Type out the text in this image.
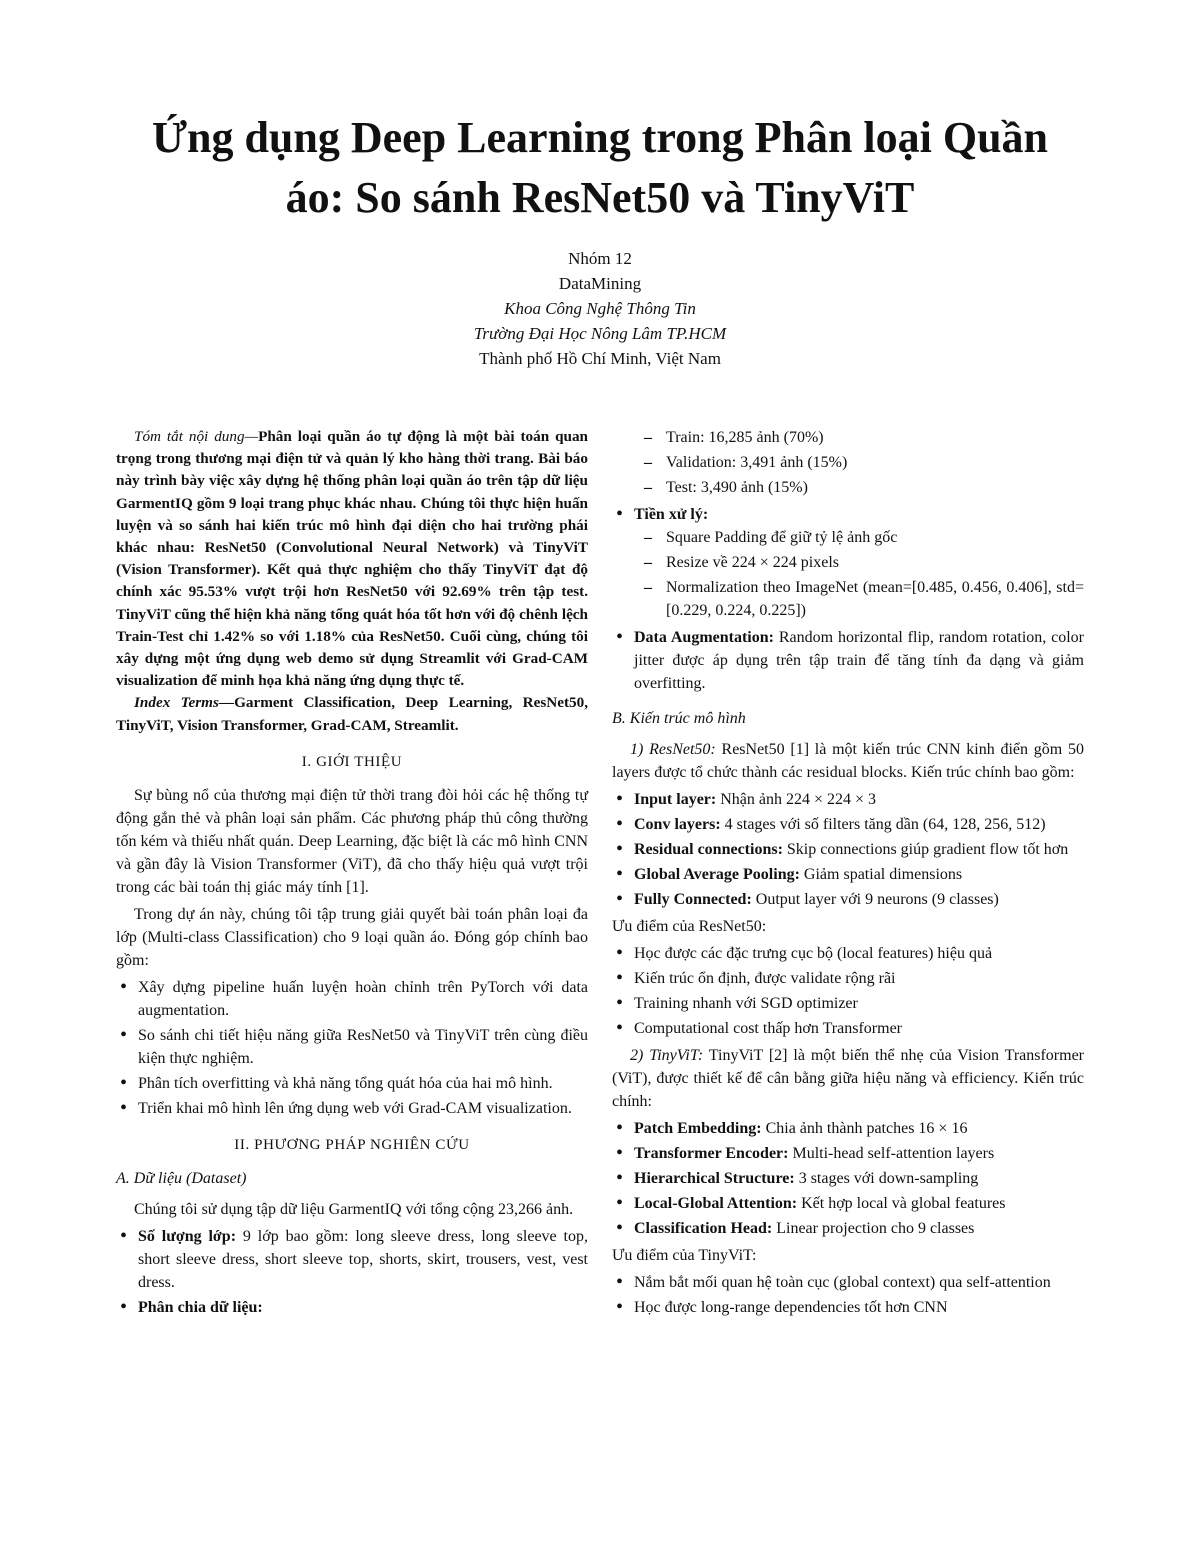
Ứng dụng Deep Learning trong Phân loại Quần
áo: So sánh ResNet50 và TinyViT
Nhóm 12
DataMining
Khoa Công Nghệ Thông Tin
Trường Đại Học Nông Lâm TP.HCM
Thành phố Hồ Chí Minh, Việt Nam

Tóm tắt nội dung—Phân loại quần áo tự động là một bài toán quan trọng trong thương mại điện tử và quản lý kho hàng thời trang. Bài báo này trình bày việc xây dựng hệ thống phân loại quần áo trên tập dữ liệu GarmentIQ gồm 9 loại trang phục khác nhau. Chúng tôi thực hiện huấn luyện và so sánh hai kiến trúc mô hình đại diện cho hai trường phái khác nhau: ResNet50 (Convolutional Neural Network) và TinyViT (Vision Transformer). Kết quả thực nghiệm cho thấy TinyViT đạt độ chính xác 95.53% vượt trội hơn ResNet50 với 92.69% trên tập test. TinyViT cũng thể hiện khả năng tổng quát hóa tốt hơn với độ chênh lệch Train-Test chỉ 1.42% so với 1.18% của ResNet50. Cuối cùng, chúng tôi xây dựng một ứng dụng web demo sử dụng Streamlit với Grad-CAM visualization để minh họa khả năng ứng dụng thực tế.

Index Terms—Garment Classification, Deep Learning, ResNet50, TinyViT, Vision Transformer, Grad-CAM, Streamlit.

I. GIỚI THIỆU

Sự bùng nổ của thương mại điện tử thời trang đòi hỏi các hệ thống tự động gắn thẻ và phân loại sản phẩm. Các phương pháp thủ công thường tốn kém và thiếu nhất quán. Deep Learning, đặc biệt là các mô hình CNN và gần đây là Vision Transformer (ViT), đã cho thấy hiệu quả vượt trội trong các bài toán thị giác máy tính [1].

Trong dự án này, chúng tôi tập trung giải quyết bài toán phân loại đa lớp (Multi-class Classification) cho 9 loại quần áo. Đóng góp chính bao gồm:

• Xây dựng pipeline huấn luyện hoàn chỉnh trên PyTorch với data augmentation.
• So sánh chi tiết hiệu năng giữa ResNet50 và TinyViT trên cùng điều kiện thực nghiệm.
• Phân tích overfitting và khả năng tổng quát hóa của hai mô hình.
• Triển khai mô hình lên ứng dụng web với Grad-CAM visualization.
II. PHƯƠNG PHÁP NGHIÊN CỨU
A. Dữ liệu (Dataset)

Chúng tôi sử dụng tập dữ liệu GarmentIQ với tổng cộng 23,266 ảnh.

• Số lượng lớp: 9 lớp bao gồm: long sleeve dress, long sleeve top, short sleeve dress, short sleeve top, shorts, skirt, trousers, vest, vest dress.
• Phân chia dữ liệu:
– Train: 16,285 ảnh (70%)
– Validation: 3,491 ảnh (15%)
– Test: 3,490 ảnh (15%)
• Tiền xử lý:
– Square Padding để giữ tỷ lệ ảnh gốc
– Resize về 224 × 224 pixels
– Normalization theo ImageNet (mean=[0.485, 0.456, 0.406], std=[0.229, 0.224, 0.225])
• Data Augmentation: Random horizontal flip, random rotation, color jitter được áp dụng trên tập train để tăng tính đa dạng và giảm overfitting.
B. Kiến trúc mô hình

1) ResNet50: ResNet50 [1] là một kiến trúc CNN kinh điển gồm 50 layers được tổ chức thành các residual blocks. Kiến trúc chính bao gồm:

• Input layer: Nhận ảnh 224 × 224 × 3
• Conv layers: 4 stages với số filters tăng dần (64, 128, 256, 512)
• Residual connections: Skip connections giúp gradient flow tốt hơn
• Global Average Pooling: Giảm spatial dimensions
• Fully Connected: Output layer với 9 neurons (9 classes)
Ưu điểm của ResNet50:
• Học được các đặc trưng cục bộ (local features) hiệu quả
• Kiến trúc ổn định, được validate rộng rãi
• Training nhanh với SGD optimizer
• Computational cost thấp hơn Transformer

2) TinyViT: TinyViT [2] là một biến thể nhẹ của Vision Transformer (ViT), được thiết kế để cân bằng giữa hiệu năng và efficiency. Kiến trúc chính:

• Patch Embedding: Chia ảnh thành patches 16 × 16
• Transformer Encoder: Multi-head self-attention layers
• Hierarchical Structure: 3 stages với down-sampling
• Local-Global Attention: Kết hợp local và global features
• Classification Head: Linear projection cho 9 classes
Ưu điểm của TinyViT:
• Nắm bắt mối quan hệ toàn cục (global context) qua self-attention
• Học được long-range dependencies tốt hơn CNN
